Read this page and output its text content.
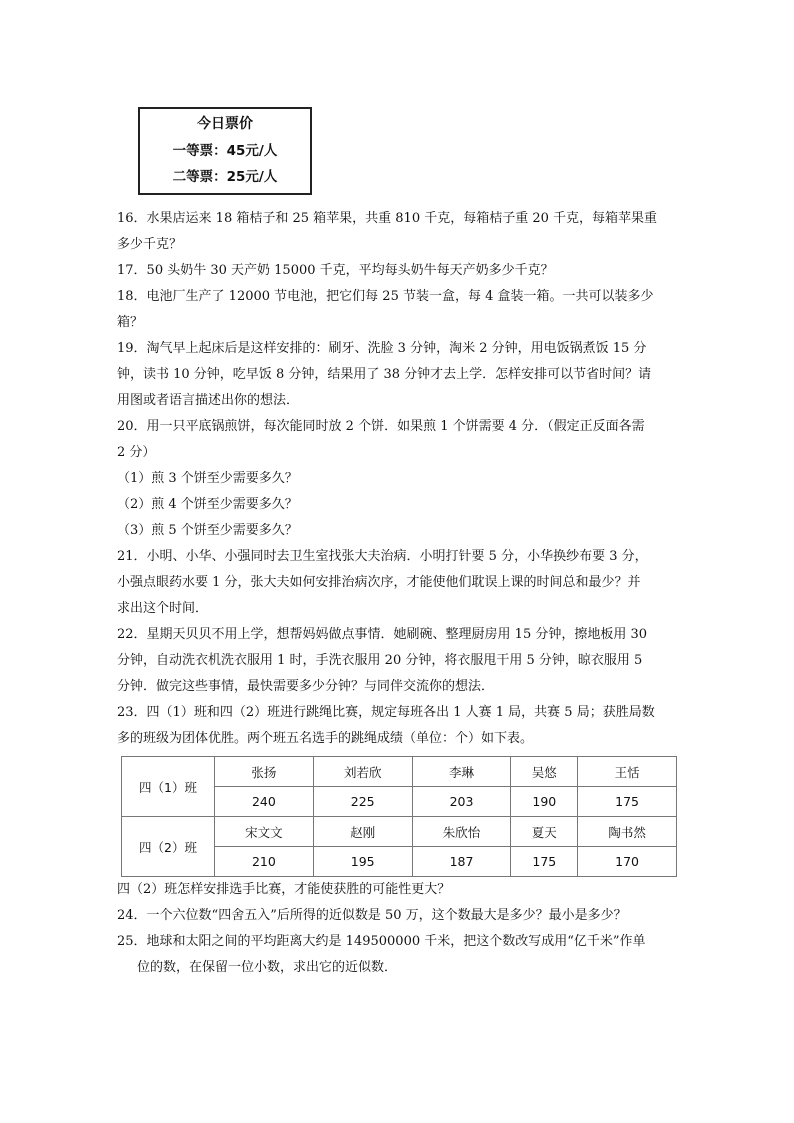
今日票价
一等票：45元/人
二等票：25元/人

16．水果店运来 18 箱桔子和 25 箱苹果，共重 810 千克，每箱桔子重 20 千克，每箱苹果重

多少千克？

17．50 头奶牛 30 天产奶 15000 千克，平均每头奶牛每天产奶多少千克？

18．电池厂生产了 12000 节电池，把它们每 25 节装一盒，每 4 盒装一箱。一共可以装多少

箱？

19．淘气早上起床后是这样安排的：刷牙、洗脸 3 分钟，淘米 2 分钟，用电饭锅煮饭 15 分

钟，读书 10 分钟，吃早饭 8 分钟，结果用了 38 分钟才去上学．怎样安排可以节省时间？请

用图或者语言描述出你的想法．

20．用一只平底锅煎饼，每次能同时放 2 个饼．如果煎 1 个饼需要 4 分．（假定正反面各需

2 分）

（1）煎 3 个饼至少需要多久？

（2）煎 4 个饼至少需要多久？

（3）煎 5 个饼至少需要多久？

21．小明、小华、小强同时去卫生室找张大夫治病．小明打针要 5 分，小华换纱布要 3 分，

小强点眼药水要 1 分，张大夫如何安排治病次序，才能使他们耽误上课的时间总和最少？并

求出这个时间．

22．星期天贝贝不用上学，想帮妈妈做点事情．她刷碗、整理厨房用 15 分钟，擦地板用 30

分钟，自动洗衣机洗衣服用 1 时，手洗衣服用 20 分钟，将衣服甩干用 5 分钟，晾衣服用 5

分钟．做完这些事情，最快需要多少分钟？与同伴交流你的想法．

23．四（1）班和四（2）班进行跳绳比赛，规定每班各出 1 人赛 1 局，共赛 5 局；获胜局数

多的班级为团体优胜。两个班五名选手的跳绳成绩（单位：个）如下表。

四（1）班	张扬	刘若欣	李琳	吴悠	王恬
	240	225	203	190	175
四（2）班	宋文文	赵刚	朱欣怡	夏天	陶书然
	210	195	187	175	170

四（2）班怎样安排选手比赛，才能使获胜的可能性更大？

24．一个六位数“四舍五入”后所得的近似数是 50 万，这个数最大是多少？最小是多少？

25．地球和太阳之间的平均距离大约是 149500000 千米，把这个数改写成用“亿千米”作单

位的数，在保留一位小数，求出它的近似数．
